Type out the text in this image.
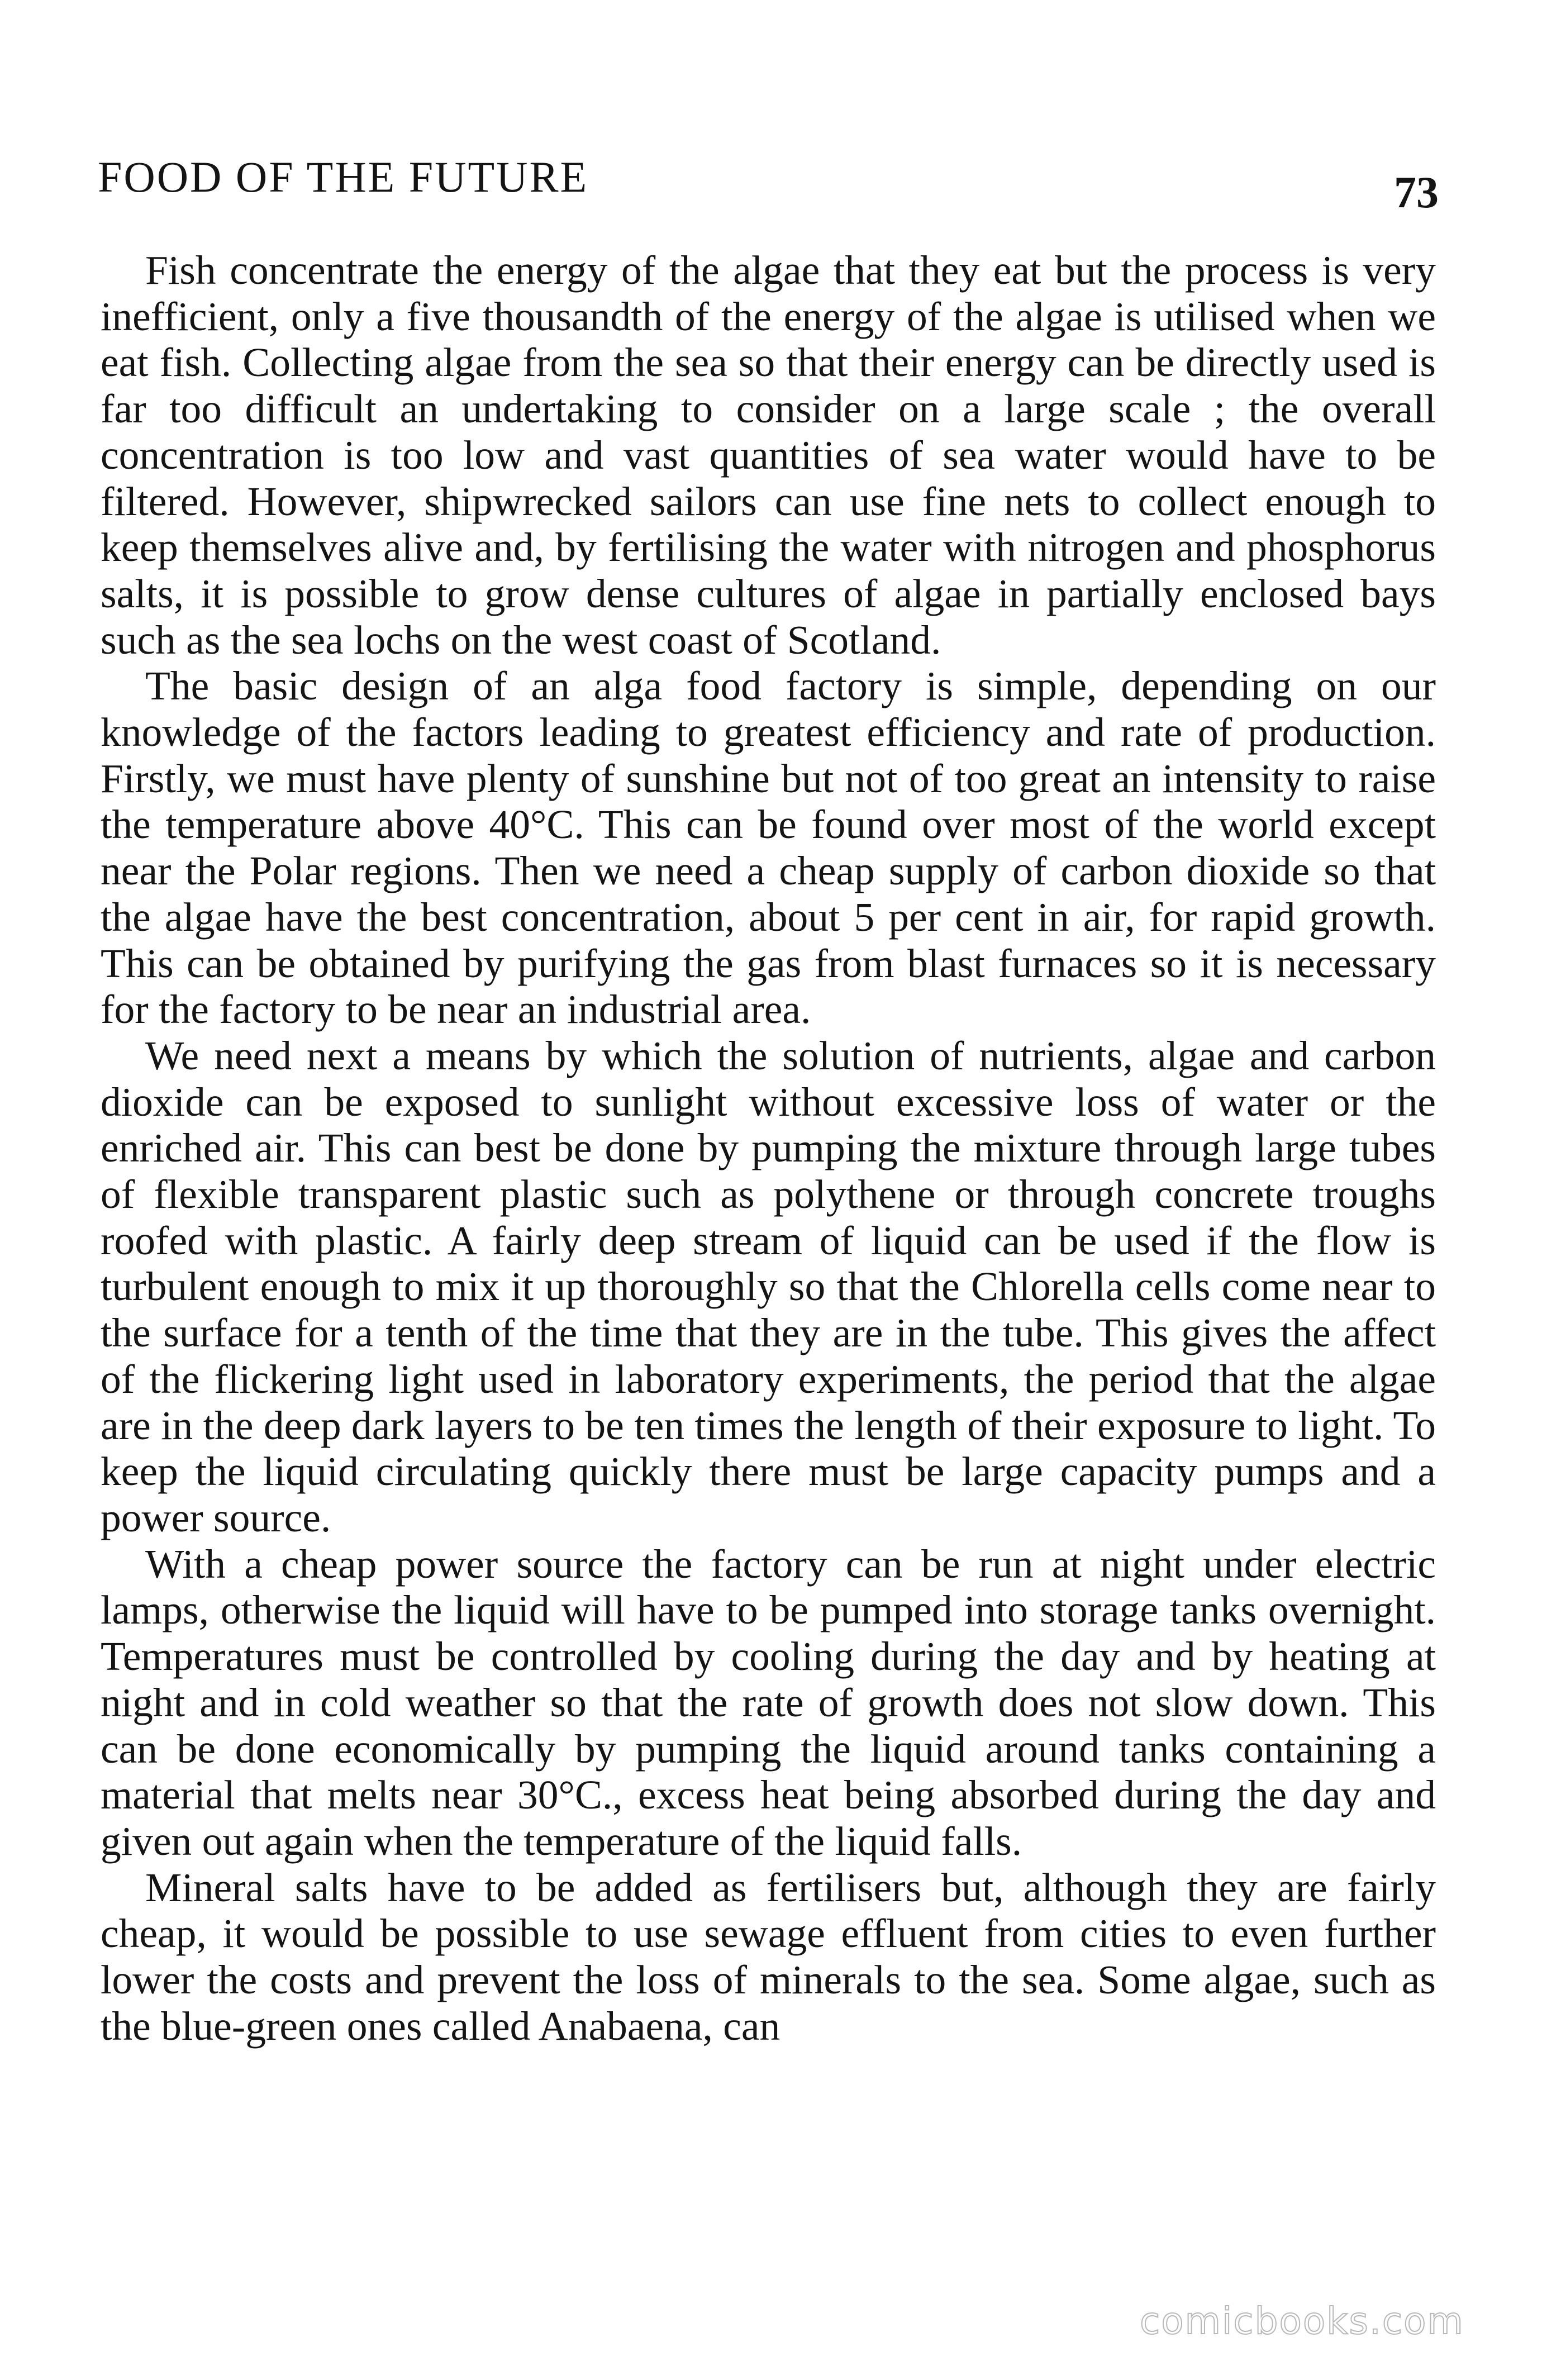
FOOD OF THE FUTURE	73

Fish concentrate the energy of the algae that they eat but the process is very inefficient, only a five thousandth of the energy of the algae is utilised when we eat fish. Collecting algae from the sea so that their energy can be directly used is far too difficult an undertaking to consider on a large scale ; the overall concentration is too low and vast quantities of sea water would have to be filtered. However, shipwrecked sailors can use fine nets to collect enough to keep themselves alive and, by fertilising the water with nitrogen and phosphorus salts, it is possible to grow dense cultures of algae in partially enclosed bays such as the sea lochs on the west coast of Scotland.

The basic design of an alga food factory is simple, depending on our knowledge of the factors leading to greatest efficiency and rate of production. Firstly, we must have plenty of sunshine but not of too great an intensity to raise the temperature above 40°C. This can be found over most of the world except near the Polar regions. Then we need a cheap supply of carbon dioxide so that the algae have the best concentration, about 5 per cent in air, for rapid growth. This can be obtained by purifying the gas from blast furnaces so it is necessary for the factory to be near an industrial area.

We need next a means by which the solution of nutrients, algae and carbon dioxide can be exposed to sunlight without excessive loss of water or the enriched air. This can best be done by pumping the mixture through large tubes of flexible transparent plastic such as polythene or through concrete troughs roofed with plastic. A fairly deep stream of liquid can be used if the flow is turbulent enough to mix it up thoroughly so that the Chlorella cells come near to the surface for a tenth of the time that they are in the tube. This gives the affect of the flickering light used in laboratory experiments, the period that the algae are in the deep dark layers to be ten times the length of their exposure to light. To keep the liquid circulating quickly there must be large capacity pumps and a power source.

With a cheap power source the factory can be run at night under electric lamps, otherwise the liquid will have to be pumped into storage tanks overnight. Temperatures must be controlled by cooling during the day and by heating at night and in cold weather so that the rate of growth does not slow down. This can be done economically by pumping the liquid around tanks containing a material that melts near 30°C., excess heat being absorbed during the day and given out again when the temperature of the liquid falls.

Mineral salts have to be added as fertilisers but, although they are fairly cheap, it would be possible to use sewage effluent from cities to even further lower the costs and prevent the loss of minerals to the sea. Some algae, such as the blue-green ones called Anabaena, can

comicbooks.com
